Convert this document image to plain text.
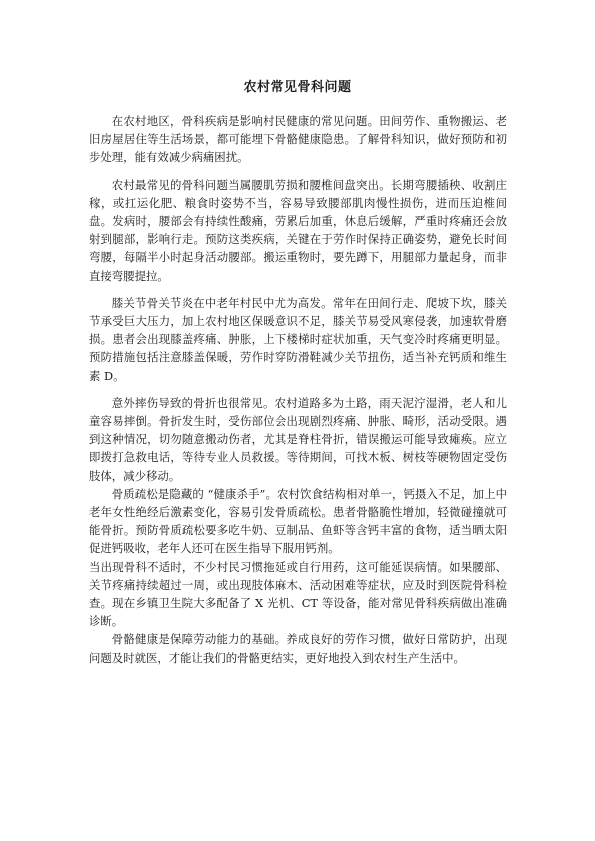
农村常见骨科问题

在农村地区，骨科疾病是影响村民健康的常见问题。田间劳作、重物搬运、老旧房屋居住等生活场景，都可能埋下骨骼健康隐患。了解骨科知识，做好预防和初步处理，能有效减少病痛困扰。

农村最常见的骨科问题当属腰肌劳损和腰椎间盘突出。长期弯腰插秧、收割庄稼，或扛运化肥、粮食时姿势不当，容易导致腰部肌肉慢性损伤，进而压迫椎间盘。发病时，腰部会有持续性酸痛，劳累后加重，休息后缓解，严重时疼痛还会放射到腿部，影响行走。预防这类疾病，关键在于劳作时保持正确姿势，避免长时间弯腰，每隔半小时起身活动腰部。搬运重物时，要先蹲下，用腿部力量起身，而非直接弯腰提拉。

膝关节骨关节炎在中老年村民中尤为高发。常年在田间行走、爬坡下坎，膝关节承受巨大压力，加上农村地区保暖意识不足，膝关节易受风寒侵袭，加速软骨磨损。患者会出现膝盖疼痛、肿胀，上下楼梯时症状加重，天气变冷时疼痛更明显。预防措施包括注意膝盖保暖，劳作时穿防滑鞋减少关节扭伤，适当补充钙质和维生素 D。

意外摔伤导致的骨折也很常见。农村道路多为土路，雨天泥泞湿滑，老人和儿童容易摔倒。骨折发生时，受伤部位会出现剧烈疼痛、肿胀、畸形，活动受限。遇到这种情况，切勿随意搬动伤者，尤其是脊柱骨折，错误搬运可能导致瘫痪。应立即拨打急救电话，等待专业人员救援。等待期间，可找木板、树枝等硬物固定受伤肢体，减少移动。

骨质疏松是隐藏的 “健康杀手”。农村饮食结构相对单一，钙摄入不足，加上中老年女性绝经后激素变化，容易引发骨质疏松。患者骨骼脆性增加，轻微碰撞就可能骨折。预防骨质疏松要多吃牛奶、豆制品、鱼虾等含钙丰富的食物，适当晒太阳促进钙吸收，老年人还可在医生指导下服用钙剂。

当出现骨科不适时，不少村民习惯拖延或自行用药，这可能延误病情。如果腰部、关节疼痛持续超过一周，或出现肢体麻木、活动困难等症状，应及时到医院骨科检查。现在乡镇卫生院大多配备了 X 光机、CT 等设备，能对常见骨科疾病做出准确诊断。

骨骼健康是保障劳动能力的基础。养成良好的劳作习惯，做好日常防护，出现问题及时就医，才能让我们的骨骼更结实，更好地投入到农村生产生活中。
